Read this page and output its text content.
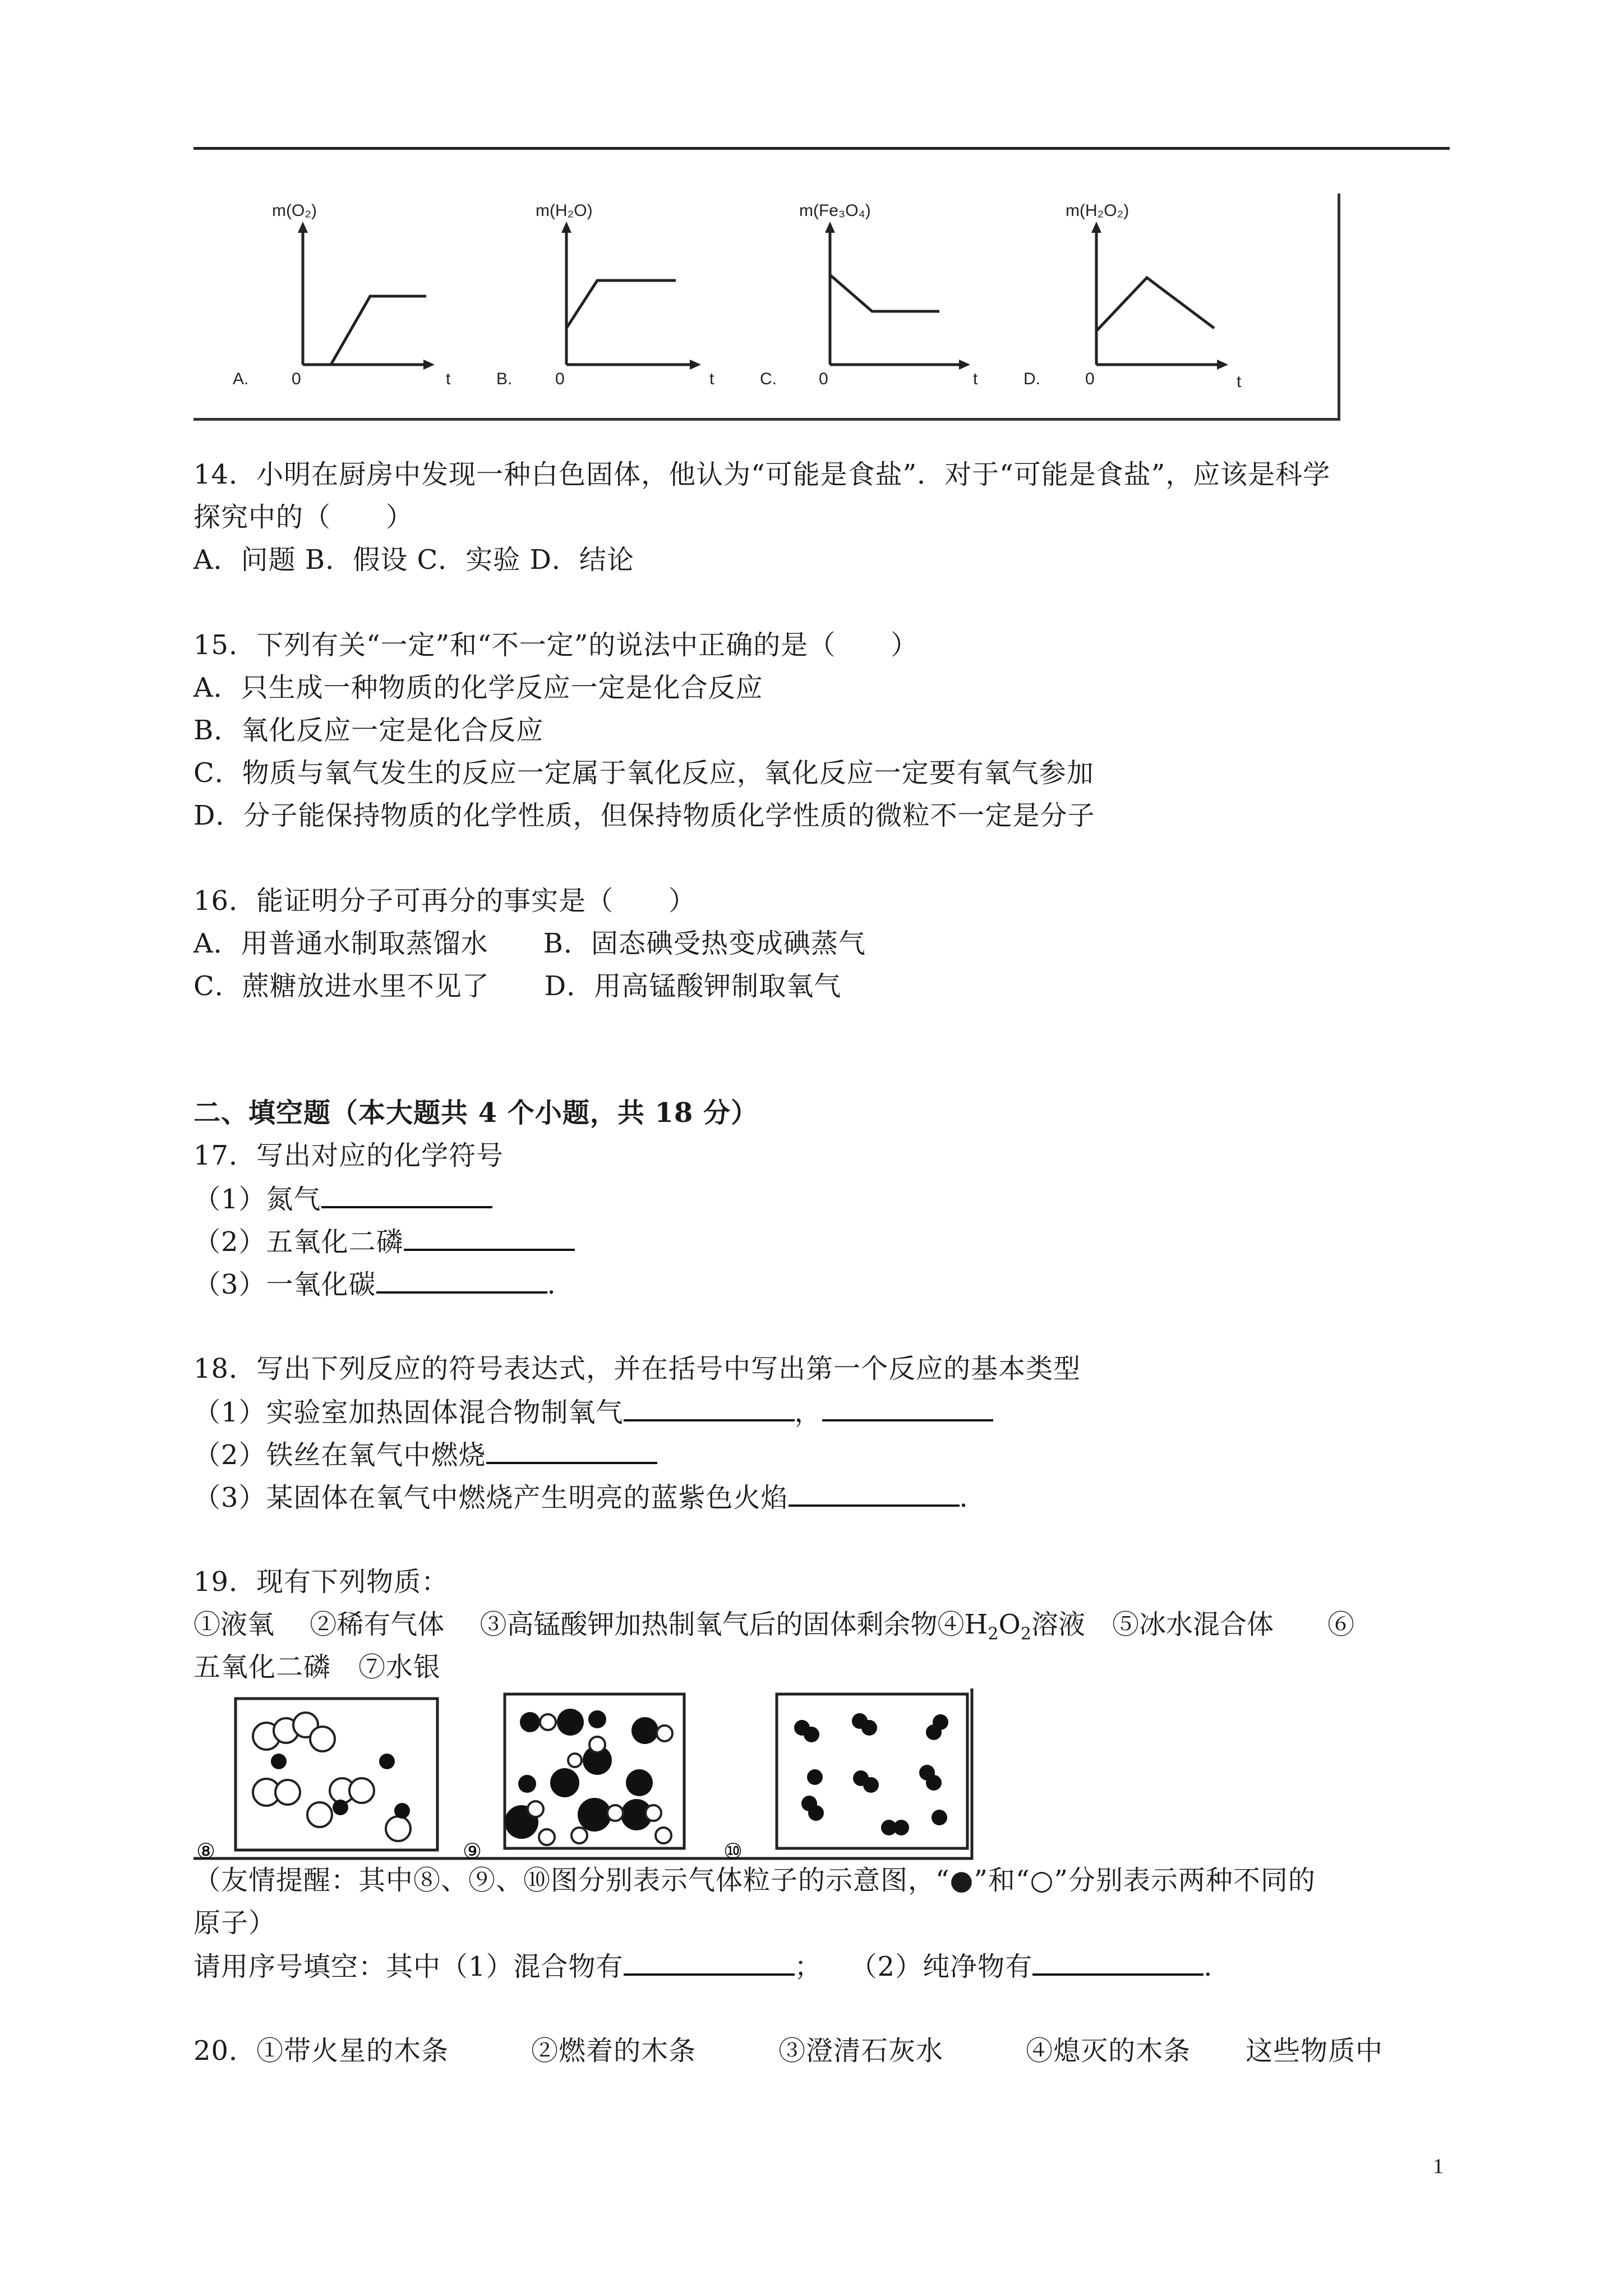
m(O₂)
A.	0	t
m(H₂O)
B.	0	t
m(Fe₃O₄)
C.	0	t
m(H₂O₂)
D.	0	t
14．小明在厨房中发现一种白色固体，他认为“可能是食盐”．对于“可能是食盐”，应该是科学
探究中的（　　）
A．问题 B．假设 C．实验 D．结论
15．下列有关“一定”和“不一定”的说法中正确的是（　　）
A．只生成一种物质的化学反应一定是化合反应
B．氧化反应一定是化合反应
C．物质与氧气发生的反应一定属于氧化反应，氧化反应一定要有氧气参加
D．分子能保持物质的化学性质，但保持物质化学性质的微粒不一定是分子
16．能证明分子可再分的事实是（　　）
A．用普通水制取蒸馏水　　B．固态碘受热变成碘蒸气
C．蔗糖放进水里不见了　　D．用高锰酸钾制取氧气
二、填空题（本大题共 4 个小题，共 18 分）
17．写出对应的化学符号
（1）氮气
（2）五氧化二磷
（3）一氧化碳	.
18．写出下列反应的符号表达式，并在括号中写出第一个反应的基本类型
（1）实验室加热固体混合物制氧气	，
（2）铁丝在氧气中燃烧
（3）某固体在氧气中燃烧产生明亮的蓝紫色火焰	.
19．现有下列物质：
①液氧　 ②稀有气体　 ③高锰酸钾加热制氧气后的固体剩余物$④H_2O_2$溶液　⑤冰水混合体　　⑥
五氧化二磷　⑦水银
⑧	⑨	⑩
（友情提醒：其中⑧、⑨、⑩图分别表示气体粒子的示意图，“●”和“○”分别表示两种不同的
原子）
请用序号填空：其中（1）混合物有	；　　（2）纯净物有	.
20．①带火星的木条　　　②燃着的木条　　　③澄清石灰水　　　④熄灭的木条　　这些物质中
1
